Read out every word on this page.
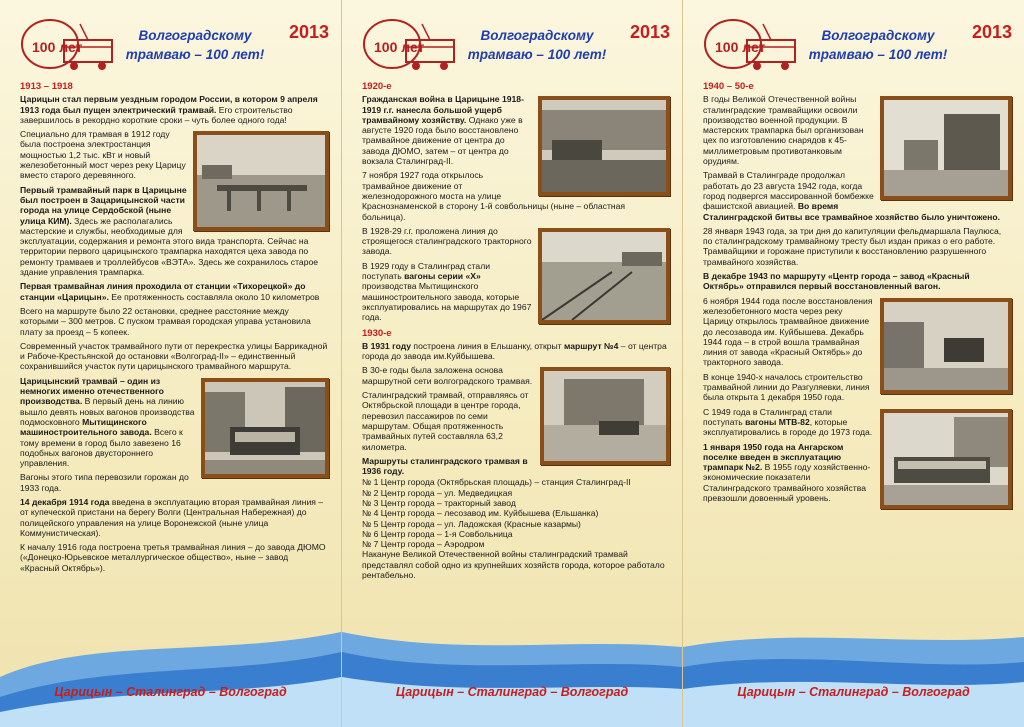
100 лет
Волгоградскому
трамваю – 100 лет!
2013
1913 – 1918

Царицын стал первым уездным городом России, в котором 9 апреля 1913 года был пущен электрический трамвай. Его строительство завершилось в рекордно короткие сроки – чуть более одного года!

Специально для трамвая в 1912 году была построена электростанция мощностью 1,2 тыс. кВт и новый железобетонный мост через реку Царицу вместо старого деревянного.

Первый трамвайный парк в Царицыне был построен в Зацарицынской части города на улице Сердобской (ныне улица КИМ). Здесь же располагались мастерские и службы, необходимые для эксплуатации, содержания и ремонта этого вида транспорта. Сейчас на территории первого царицынского трампарка находятся цеха завода по ремонту трамваев и троллейбусов «ВЭТА». Здесь же сохранилось старое здание управления трампарка.

Первая трамвайная линия проходила от станции «Тихорецкой» до станции «Царицын». Ее протяженность составляла около 10 километров

Всего на маршруте было 22 остановки, среднее расстояние между которыми – 300 метров. С пуском трамвая городская управа установила плату за проезд – 5 копеек.

Современный участок трамвайного пути от перекрестка улицы Баррикадной и Рабоче-Крестьянской до остановки «Волгоград-II» – единственный сохранившийся участок пути царицынского трамвайного маршрута.

Царицынский трамвай – один из немногих именно отечественного производства. В первый день на линию вышло девять новых вагонов производства подмосковного Мытищинского машиностроительного завода. Всего к тому времени в город было завезено 16 подобных вагонов двустороннего управления.

Вагоны этого типа перевозили горожан до 1933 года.

14 декабря 1914 года введена в эксплуатацию вторая трамвайная линия – от купеческой пристани на берегу Волги (Центральная Набережная) до полицейского управления на улице Воронежской (ныне улица Коммунистическая).

К началу 1916 года построена третья трамвайная линия – до завода ДЮМО («Донецко-Юрьевское металлургическое общество», ныне – завод «Красный Октябрь»).

Царицын – Сталинград – Волгоград
100 лет
Волгоградскому
трамваю – 100 лет!
2013
1920-е

Гражданская война в Царицыне 1918-1919 г.г. нанесла большой ущерб трамвайному хозяйству. Однако уже в августе 1920 года было восстановлено трамвайное движение от центра до завода ДЮМО, затем – от центра до вокзала Сталинград-II.

7 ноября 1927 года открылось трамвайное движение от железнодорожного моста на улице Краснознаменской в сторону 1-й совбольницы (ныне – областная больница).

В 1928-29 г.г. проложена линия до строящегося сталинградского тракторного завода.

В 1929 году в Сталинград стали поступать вагоны серии «Х» производства Мытищинского машиностроительного завода, которые эксплуатировались на маршрутах до 1967 года.

1930-е

В 1931 году построена линия в Ельшанку, открыт маршрут №4 – от центра города до завода им.Куйбышева.

В 30-е годы была заложена основа маршрутной сети волгоградского трамвая.

Сталинградский трамвай, отправляясь от Октябрьской площади в центре города, перевозил пассажиров по семи маршрутам. Общая протяженность трамвайных путей составляла 63,2 километра.

Маршруты сталинградского трамвая в 1936 году.

№ 1 Центр города (Октябрьская площадь) – станция Сталинград-II
№ 2 Центр города – ул. Медведицкая
№ 3 Центр города – тракторный завод
№ 4 Центр города – лесозавод им. Куйбышева (Ельшанка)
№ 5 Центр города – ул. Ладожская (Красные казармы)
№ 6 Центр города – 1-я Совбольница
№ 7 Центр города – Аэродром

Накануне Великой Отечественной войны сталинградский трамвай представлял собой одно из крупнейших хозяйств города, которое работало рентабельно.

Царицын – Сталинград – Волгоград
100 лет
Волгоградскому
трамваю – 100 лет!
2013
1940 – 50-е

В годы Великой Отечественной войны сталинградские трамвайщики освоили производство военной продукции. В мастерских трампарка был организован цех по изготовлению снарядов к 45-миллиметровым противотанковым орудиям.

Трамвай в Сталинграде продолжал работать до 23 августа 1942 года, когда город подвергся массированной бомбежке фашистской авиацией. Во время Сталинградской битвы все трамвайное хозяйство было уничтожено.

28 января 1943 года, за три дня до капитуляции фельдмаршала Паулюса, по сталинградскому трамвайному тресту был издан приказ о его работе. Трамвайщики и горожане приступили к восстановлению разрушенного трамвайного хозяйства.

В декабре 1943 по маршруту «Центр города – завод «Красный Октябрь» отправился первый восстановленный вагон.

6 ноября 1944 года после восстановления железобетонного моста через реку Царицу открылось трамвайное движение до лесозавода им. Куйбышева. Декабрь 1944 года – в строй вошла трамвайная линия от завода «Красный Октябрь» до тракторного завода.

В конце 1940-х началось строительство трамвайной линии до Разгуляевки, линия была открыта 1 декабря 1950 года.

С 1949 года в Сталинград стали поступать вагоны МТВ-82, которые эксплуатировались в городе до 1973 года.

1 января 1950 года на Ангарском поселке введен в эксплуатацию трампарк №2. В 1955 году хозяйственно-экономические показатели Сталинградского трамвайного хозяйства превзошли довоенный уровень.

Царицын – Сталинград – Волгоград
